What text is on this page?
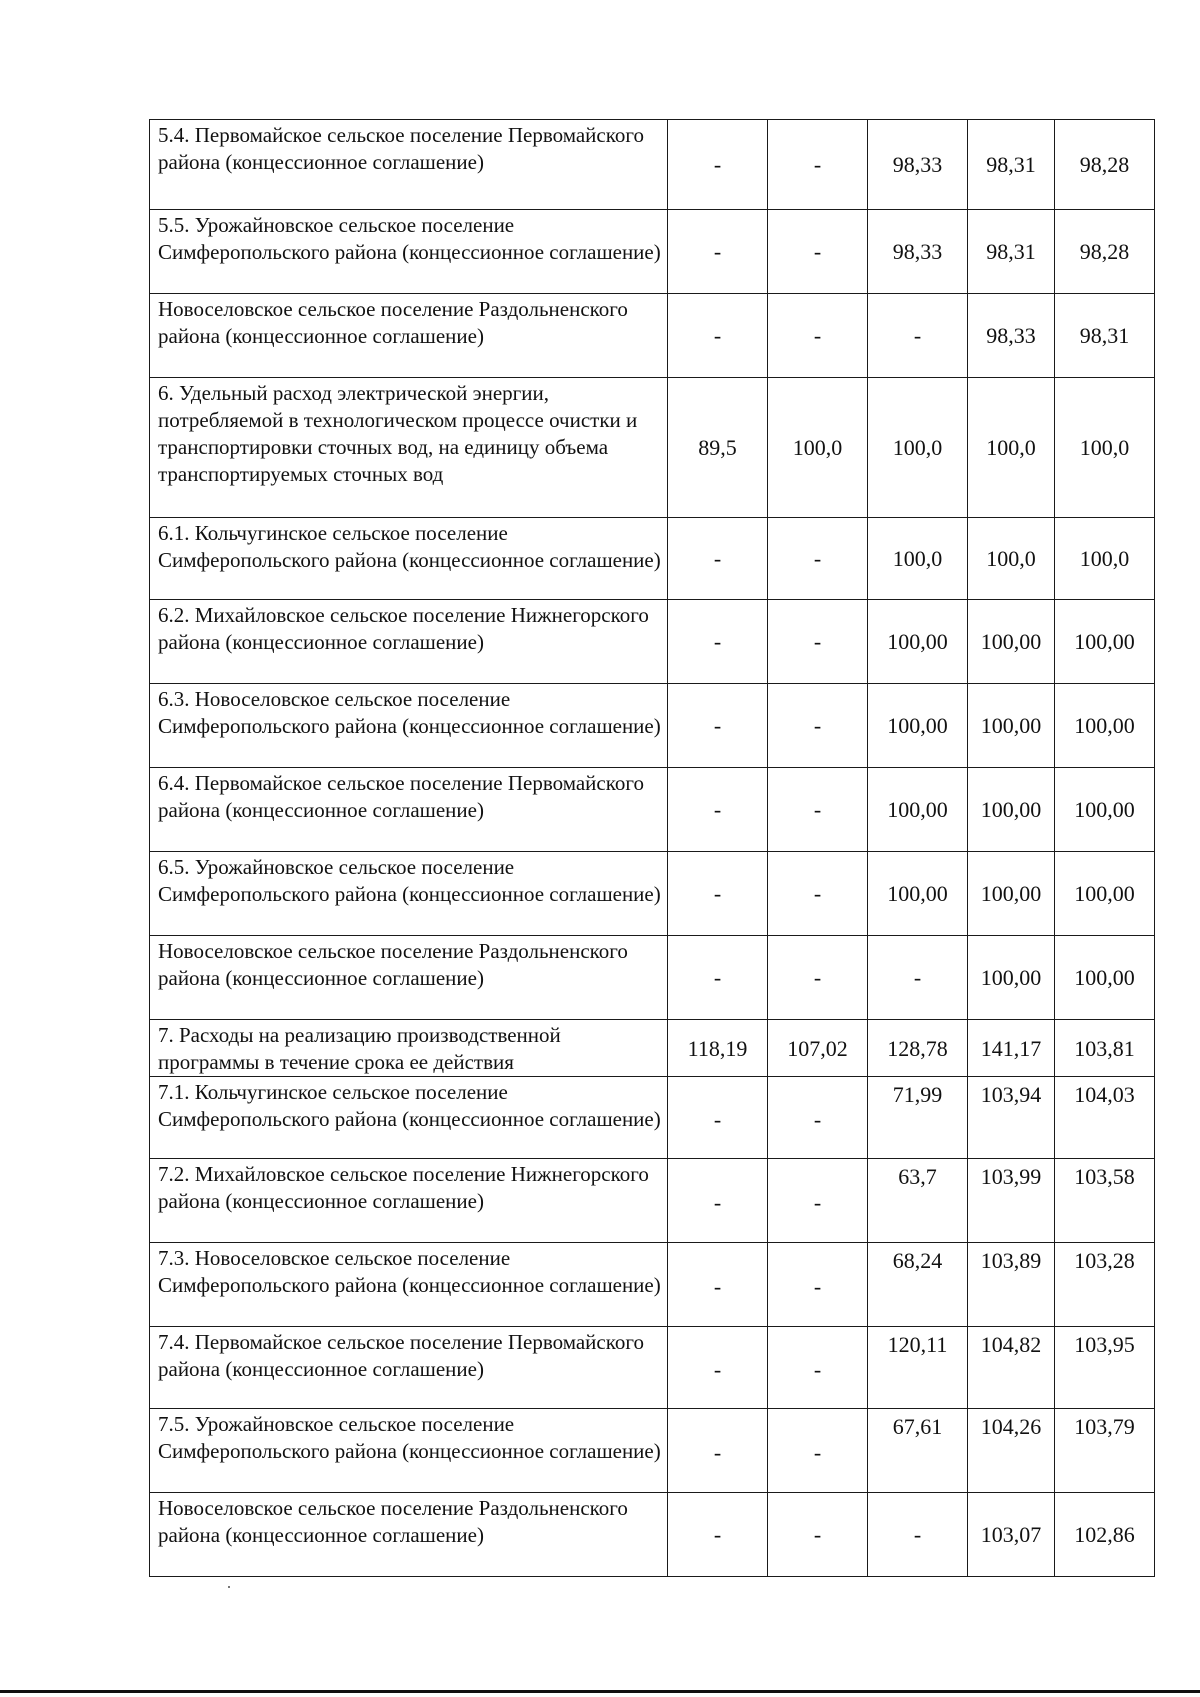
5.4. Первомайское сельское поселение Первомайского района (концессионное соглашение)	-	-	98,33	98,31	98,28
5.5. Урожайновское сельское поселение Симферопольского района (концессионное соглашение)	-	-	98,33	98,31	98,28
Новоселовское сельское поселение Раздольненского района (концессионное соглашение)	-	-	-	98,33	98,31
6. Удельный расход электрической энергии, потребляемой в технологическом процессе очистки и транспортировки сточных вод, на единицу объема транспортируемых сточных вод	89,5	100,0	100,0	100,0	100,0
6.1. Кольчугинское сельское поселение Симферопольского района (концессионное соглашение)	-	-	100,0	100,0	100,0
6.2. Михайловское сельское поселение Нижнегорского района (концессионное соглашение)	-	-	100,00	100,00	100,00
6.3. Новоселовское сельское поселение Симферопольского района (концессионное соглашение)	-	-	100,00	100,00	100,00
6.4. Первомайское сельское поселение Первомайского района (концессионное соглашение)	-	-	100,00	100,00	100,00
6.5. Урожайновское сельское поселение Симферопольского района (концессионное соглашение)	-	-	100,00	100,00	100,00
Новоселовское сельское поселение Раздольненского района (концессионное соглашение)	-	-	-	100,00	100,00
7. Расходы на реализацию производственной программы в течение срока ее действия	118,19	107,02	128,78	141,17	103,81
7.1. Кольчугинское сельское поселение Симферопольского района (концессионное соглашение)	-	-	71,99	103,94	104,03
7.2. Михайловское сельское поселение Нижнегорского района (концессионное соглашение)	-	-	63,7	103,99	103,58
7.3. Новоселовское сельское поселение Симферопольского района (концессионное соглашение)	-	-	68,24	103,89	103,28
7.4. Первомайское сельское поселение Первомайского района (концессионное соглашение)	-	-	120,11	104,82	103,95
7.5. Урожайновское сельское поселение Симферопольского района (концессионное соглашение)	-	-	67,61	104,26	103,79
Новоселовское сельское поселение Раздольненского района (концессионное соглашение)	-	-	-	103,07	102,86
